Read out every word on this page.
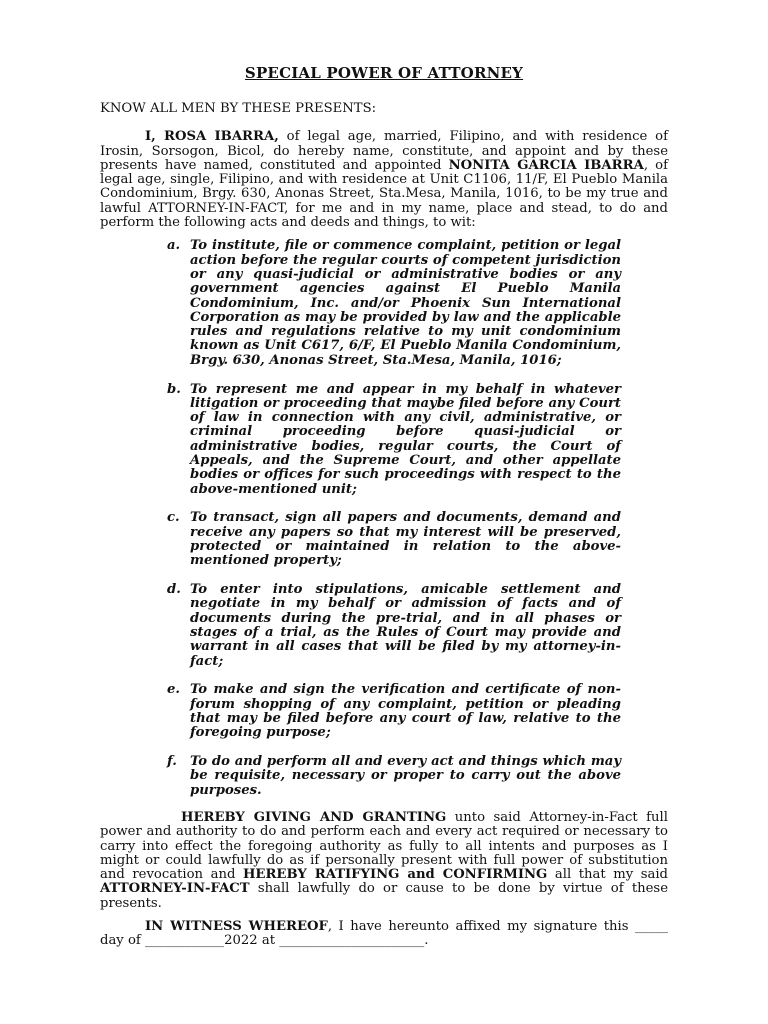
SPECIAL POWER OF ATTORNEY

KNOW ALL MEN BY THESE PRESENTS:

I, ROSA IBARRA, of legal age, married, Filipino, and with residence of Irosin, Sorsogon, Bicol, do hereby name, constitute, and appoint and by these presents have named, constituted and appointed NONITA GARCIA IBARRA, of legal age, single, Filipino, and with residence at Unit C1106, 11/F, El Pueblo Manila Condominium, Brgy. 630, Anonas Street, Sta.Mesa, Manila, 1016, to be my true and lawful ATTORNEY-IN-FACT, for me and in my name, place and stead, to do and perform the following acts and deeds and things, to wit:

a. To institute, file or commence complaint, petition or legal action before the regular courts of competent jurisdiction or any quasi-judicial or administrative bodies or any government agencies against El Pueblo Manila Condominium, Inc. and/or Phoenix Sun International Corporation as may be provided by law and the applicable rules and regulations relative to my unit condominium known as Unit C617, 6/F, El Pueblo Manila Condominium, Brgy. 630, Anonas Street, Sta.Mesa, Manila, 1016;
b. To represent me and appear in my behalf in whatever litigation or proceeding that maybe filed before any Court of law in connection with any civil, administrative, or criminal proceeding before quasi-judicial or administrative bodies, regular courts, the Court of Appeals, and the Supreme Court, and other appellate bodies or offices for such proceedings with respect to the above-mentioned unit;
c. To transact, sign all papers and documents, demand and receive any papers so that my interest will be preserved, protected or maintained in relation to the above-mentioned property;
d. To enter into stipulations, amicable settlement and negotiate in my behalf or admission of facts and of documents during the pre-trial, and in all phases or stages of a trial, as the Rules of Court may provide and warrant in all cases that will be filed by my attorney-in-fact;
e. To make and sign the verification and certificate of non-forum shopping of any complaint, petition or pleading that may be filed before any court of law, relative to the foregoing purpose;
f. To do and perform all and every act and things which may be requisite, necessary or proper to carry out the above purposes.

HEREBY GIVING AND GRANTING unto said Attorney-in-Fact full power and authority to do and perform each and every act required or necessary to carry into effect the foregoing authority as fully to all intents and purposes as I might or could lawfully do as if personally present with full power of substitution and revocation and HEREBY RATIFYING and CONFIRMING all that my said ATTORNEY-IN-FACT shall lawfully do or cause to be done by virtue of these presents.

IN WITNESS WHEREOF, I have hereunto affixed my signature this _____ day of ____________2022 at ______________________.
